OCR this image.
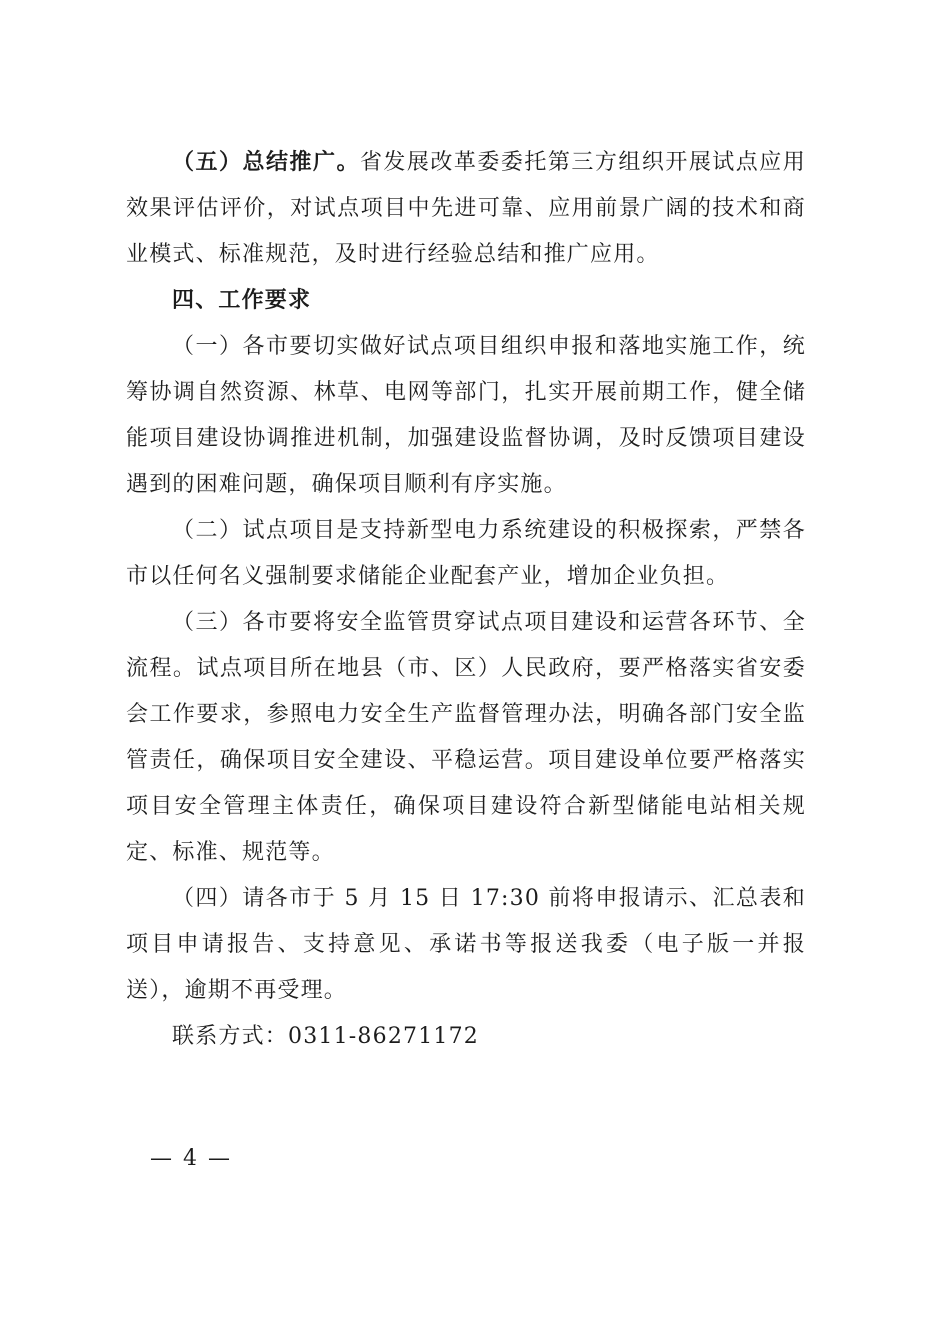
（五）总结推广。省发展改革委委托第三方组织开展试点应用效果评估评价，对试点项目中先进可靠、应用前景广阔的技术和商业模式、标准规范，及时进行经验总结和推广应用。

四、工作要求

（一）各市要切实做好试点项目组织申报和落地实施工作，统筹协调自然资源、林草、电网等部门，扎实开展前期工作，健全储能项目建设协调推进机制，加强建设监督协调，及时反馈项目建设遇到的困难问题，确保项目顺利有序实施。

（二）试点项目是支持新型电力系统建设的积极探索，严禁各市以任何名义强制要求储能企业配套产业，增加企业负担。

（三）各市要将安全监管贯穿试点项目建设和运营各环节、全流程。试点项目所在地县（市、区）人民政府，要严格落实省安委会工作要求，参照电力安全生产监督管理办法，明确各部门安全监管责任，确保项目安全建设、平稳运营。项目建设单位要严格落实项目安全管理主体责任，确保项目建设符合新型储能电站相关规定、标准、规范等。

（四）请各市于 5 月 15 日 17:30 前将申报请示、汇总表和项目申请报告、支持意见、承诺书等报送我委（电子版一并报送），逾期不再受理。

联系方式：0311-86271172

— 4 —
